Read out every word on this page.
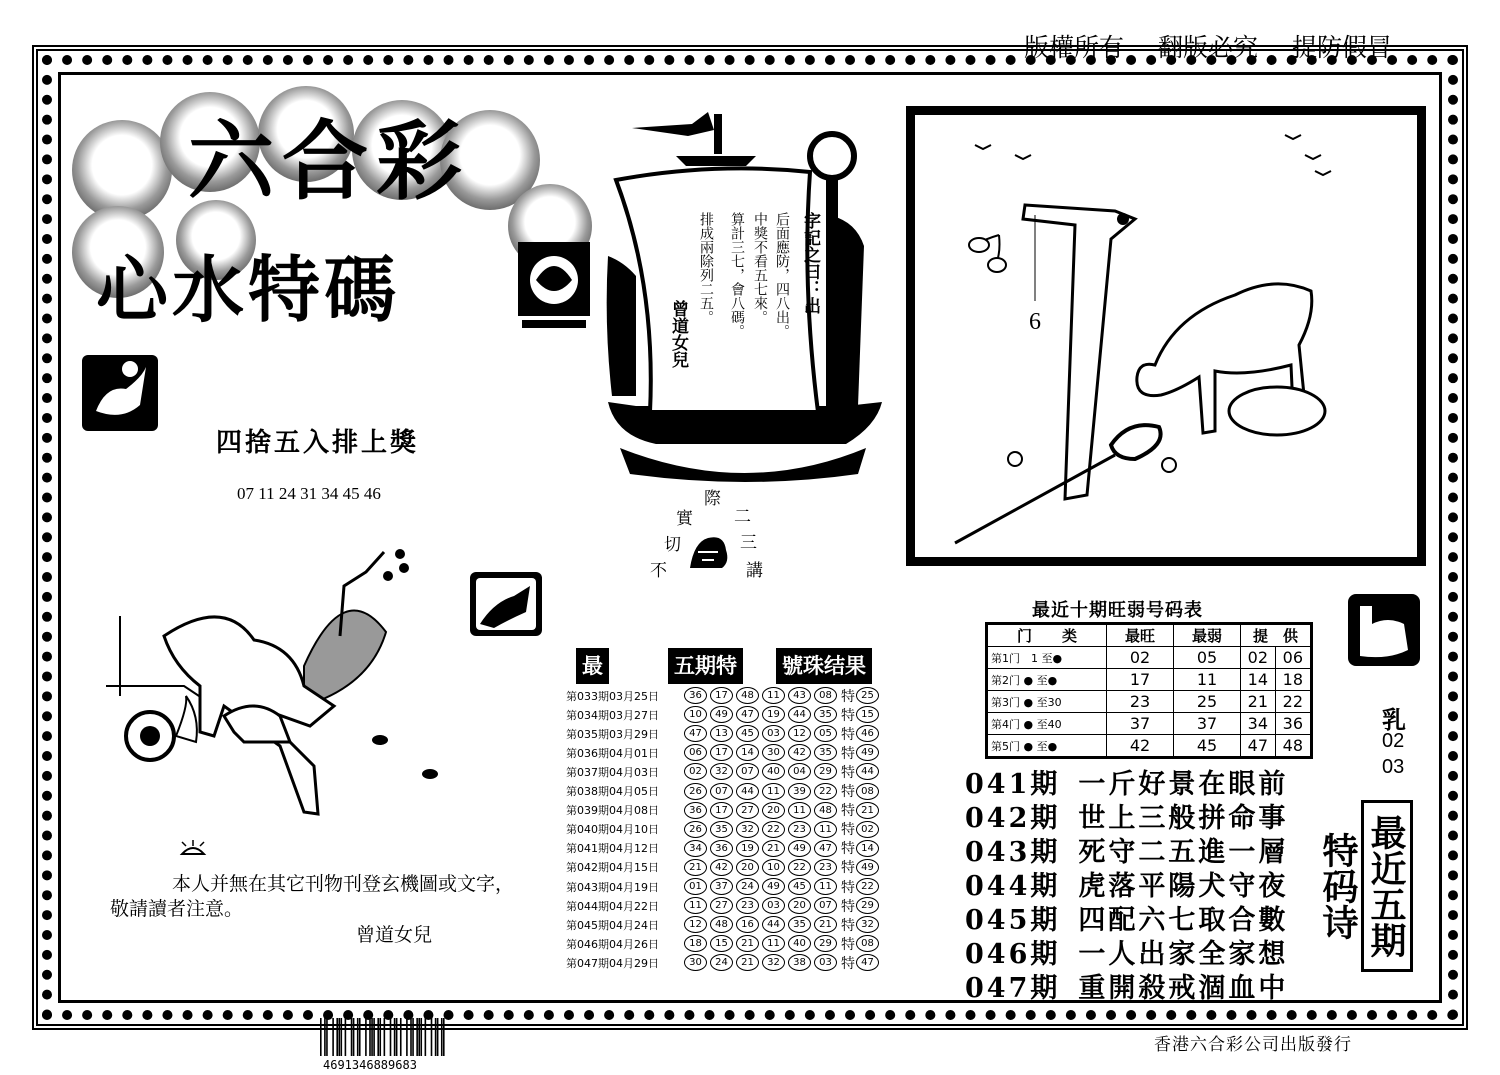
版權所有 翻版必究 提防假冒
六合彩
心水特碼
四捨五入排上獎
07 11 24 31 34 45 46
字記之曰：出
后面應防，四八出。
中獎不看五七來。
算計三七，會八碼。
排成兩除列二五。
曾道女兒
實
際
二
三
切
不	講
6
最	五期特 號珠结果
第033期03月25日	36	17	48	11	43	08 特 25
第034期03月27日	10	49	47	19	44	35 特 15
第035期03月29日	47	13	45	03	12	05 特 46
第036期04月01日	06	17	14	30	42	35 特 49
第037期04月03日	02	32	07	40	04	29 特 44
第038期04月05日	26	07	44	11	39	22 特 08
第039期04月08日	36	17	27	20	11	48 特 21
第040期04月10日	26	35	32	22	23	11 特 02
第041期04月12日	34	36	19	21	49	47 特 14
第042期04月15日	21	42	20	10	22	23 特 49
第043期04月19日	01	37	24	49	45	11 特 22
第044期04月22日	11	27	23	03	20	07 特 29
第045期04月24日	12	48	16	44	35	21 特 32
第046期04月26日	18	15	21	11	40	29 特 08
第047期04月29日	30	24	21	32	38	03 特 47
最近十期旺弱号码表
门　　类	最旺	最弱	提　供	
第1门　1 至●	02	05	02	06
第2门 ● 至●	17	11	14	18
第3门 ● 至30	23	25	21	22
第4门 ● 至40	37	37	34	36
第5门 ● 至●	42	45	47	48
乳
02
03
最近五期特码诗
041期 一斤好景在眼前
042期 世上三般拼命事
043期 死守二五進一層
044期 虎落平陽犬守夜
045期 四配六七取合數
046期 一人出家全家想
047期 重開殺戒涸血中
本人并無在其它刊物刊登玄機圖或文字，
敬請讀者注意。
曾道女兒
4691346889683
香港六合彩公司出版發行
